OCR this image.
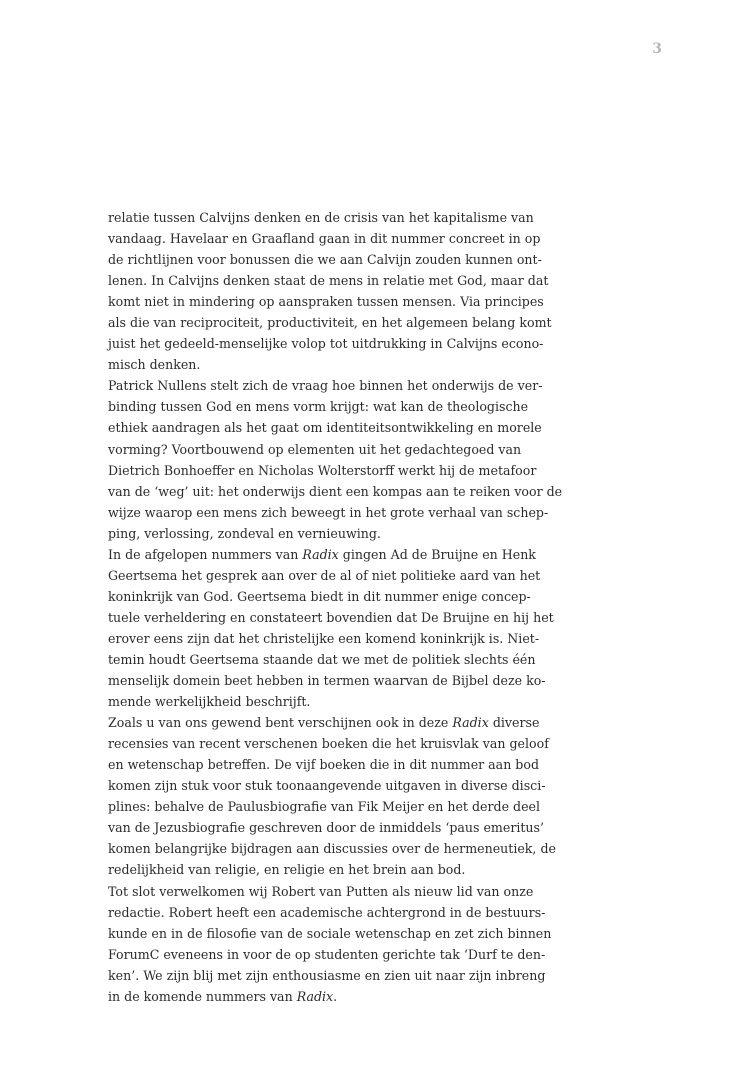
3
relatie tussen Calvijns denken en de crisis van het kapitalisme van
vandaag. Havelaar en Graafland gaan in dit nummer concreet in op
de richtlijnen voor bonussen die we aan Calvijn zouden kunnen ont-
lenen. In Calvijns denken staat de mens in relatie met God, maar dat
komt niet in mindering op aanspraken tussen mensen. Via principes
als die van reciprociteit, productiviteit, en het algemeen belang komt
juist het gedeeld-menselijke volop tot uitdrukking in Calvijns econo-
misch denken.
Patrick Nullens stelt zich de vraag hoe binnen het onderwijs de ver-
binding tussen God en mens vorm krijgt: wat kan de theologische
ethiek aandragen als het gaat om identiteitsontwikkeling en morele
vorming? Voortbouwend op elementen uit het gedachtegoed van
Dietrich Bonhoeffer en Nicholas Wolterstorff werkt hij de metafoor
van de ‘weg’ uit: het onderwijs dient een kompas aan te reiken voor de
wijze waarop een mens zich beweegt in het grote verhaal van schep-
ping, verlossing, zondeval en vernieuwing.
In de afgelopen nummers van Radix gingen Ad de Bruijne en Henk
Geertsema het gesprek aan over de al of niet politieke aard van het
koninkrijk van God. Geertsema biedt in dit nummer enige concep-
tuele verheldering en constateert bovendien dat De Bruijne en hij het
erover eens zijn dat het christelijke een komend koninkrijk is. Niet-
temin houdt Geertsema staande dat we met de politiek slechts één
menselijk domein beet hebben in termen waarvan de Bijbel deze ko-
mende werkelijkheid beschrijft.
Zoals u van ons gewend bent verschijnen ook in deze Radix diverse
recensies van recent verschenen boeken die het kruisvlak van geloof
en wetenschap betreffen. De vijf boeken die in dit nummer aan bod
komen zijn stuk voor stuk toonaangevende uitgaven in diverse disci-
plines: behalve de Paulusbiografie van Fik Meijer en het derde deel
van de Jezusbiografie geschreven door de inmiddels ‘paus emeritus’
komen belangrijke bijdragen aan discussies over de hermeneutiek, de
redelijkheid van religie, en religie en het brein aan bod.
Tot slot verwelkomen wij Robert van Putten als nieuw lid van onze
redactie. Robert heeft een academische achtergrond in de bestuurs-
kunde en in de filosofie van de sociale wetenschap en zet zich binnen
ForumC eveneens in voor de op studenten gerichte tak ‘Durf te den-
ken’. We zijn blij met zijn enthousiasme en zien uit naar zijn inbreng
in de komende nummers van Radix.
